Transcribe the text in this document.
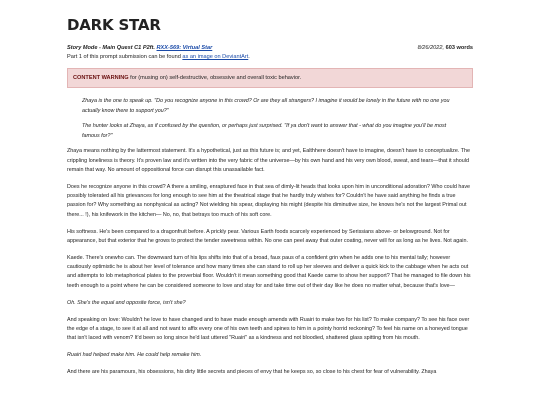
DARK STAR
Story Mode - Main Quest C1 P2ft. RXX-569: Virtual Star	8/26/2022, 603 words
Part 1 of this prompt submission can be found as an image on DeviantArt.
CONTENT WARNING for (musing on) self-destructive, obsessive and overall toxic behavior.

Zhaya is the one to speak up. "Do you recognize anyone in this crowd? Or are they all strangers? I imagine it would be lonely in the future with no one you actually know there to support you?"

The hunter looks at Zhaya, as if confused by the question, or perhaps just surprised. "If ya don't want to answer that - what do you imagine you'll be most famous for?"

Zhaya means nothing by the lattermost statement. It's a hypothetical, just as this future is; and yet, Ealthhere doesn't have to imagine, doesn't have to conceptualize. The crippling loneliness is theory. It's proven law and it's written into the very fabric of the universe—by his own hand and his very own blood, sweat, and tears—that it should remain that way. No amount of oppositional force can disrupt this unassailable fact.

Does he recognize anyone in this crowd? A there a smiling, enraptured face in that sea of dimly-lit heads that looks upon him in unconditional adoration? Who could have possibly tolerated all his grievances for long enough to see him at the theatrical stage that he hardly truly wishes for? Couldn't he have said anything he finds a true passion for? Why something as nonphysical as acting? Not wielding his spear, displaying his might (despite his diminutive size, he knows he's not the largest Primal out there... !), his knifework in the kitchen— No, no, that betrays too much of his soft core.

His softness. He's been compared to a dragonfruit before. A prickly pear. Various Earth foods scarcely experienced by Serissians above- or belowground. Not for appearance, but that exterior that he grows to protect the tender sweetness within. No one can peel away that outer coating, never will for as long as he lives. Not again.

Kaede. There's onewho can. The downward turn of his lips shifts into that of a broad, faux paus of a confident grin when he adds one to his mental tally; however cautiously optimistic he is about her level of tolerance and how many times she can stand to roll up her sleeves and deliver a quick kick to the cabbage when he acts out and attempts to lob metaphorical plates to the proverbial floor. Wouldn't it mean something good that Kaede came to show her support? That he managed to file down his teeth enough to a point where he can be considered someone to love and stay for and take time out of their day like he does no matter what, because that's love—

Oh. She's the equal and opposite force, isn't she?

And speaking on love: Wouldn't he love to have changed and to have made enough amends with Ruairi to make two for his list? To make company? To see his face over the edge of a stage, to see it at all and not want to affix every one of his own teeth and spines to him in a pointy horrid reckoning? To feel his name on a honeyed tongue that isn't laced with venom? It'd been so long since he'd last uttered "Ruairi" as a kindness and not bloodied, shattered glass spitting from his mouth.

Ruairi had helped make him. He could help remake him.

And there are his paramours, his obsessions, his dirty little secrets and pieces of envy that he keeps so, so close to his chest for fear of vulnerability. Zhaya
